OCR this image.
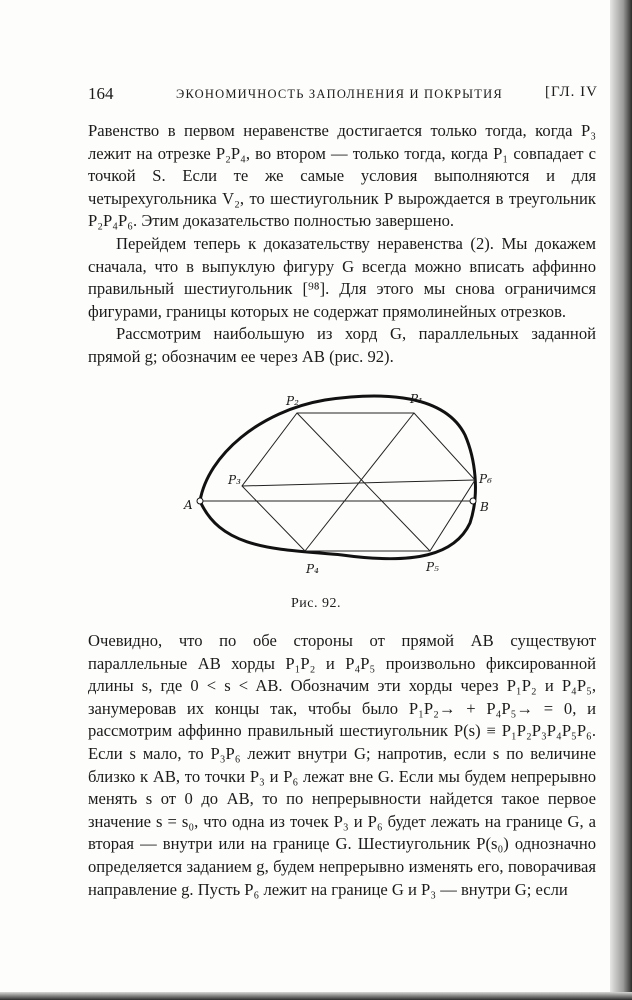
164	ЭКОНОМИЧНОСТЬ ЗАПОЛНЕНИЯ И ПОКРЫТИЯ	[ГЛ. IV

Равенство в первом неравенстве достигается только тогда, когда P₃ лежит на отрезке P₂P₄, во втором — только тогда, когда P₁ совпадает с точкой S. Если те же самые условия выполняются и для четырехугольника V₂, то шестиугольник P вырождается в треугольник P₂P₄P₆. Этим доказательство полностью завершено.

Перейдем теперь к доказательству неравенства (2). Мы докажем сначала, что в выпуклую фигуру G всегда можно вписать аффинно правильный шестиугольник [⁹⁸]. Для этого мы снова ограничимся фигурами, границы которых не содержат прямолинейных отрезков.

Рассмотрим наибольшую из хорд G, параллельных заданной прямой g; обозначим ее через AB (рис. 92).

P₂	P₁
P₃	P₆
A	B
P₄	P₅
Рис. 92.

Очевидно, что по обе стороны от прямой AB существуют параллельные AB хорды P₁P₂ и P₄P₅ произвольно фиксированной длины s, где 0 < s < AB. Обозначим эти хорды через P₁P₂ и P₄P₅, занумеровав их концы так, чтобы было P₁P₂→ + P₄P₅→ = 0, и рассмотрим аффинно правильный шестиугольник P(s) ≡ P₁P₂P₃P₄P₅P₆. Если s мало, то P₃P₆ лежит внутри G; напротив, если s по величине близко к AB, то точки P₃ и P₆ лежат вне G. Если мы будем непрерывно менять s от 0 до AB, то по непрерывности найдется такое первое значение s = s₀, что одна из точек P₃ и P₆ будет лежать на границе G, а вторая — внутри или на границе G. Шестиугольник P(s₀) однозначно определяется заданием g, будем непрерывно изменять его, поворачивая направление g. Пусть P₆ лежит на границе G и P₃ — внутри G; если
